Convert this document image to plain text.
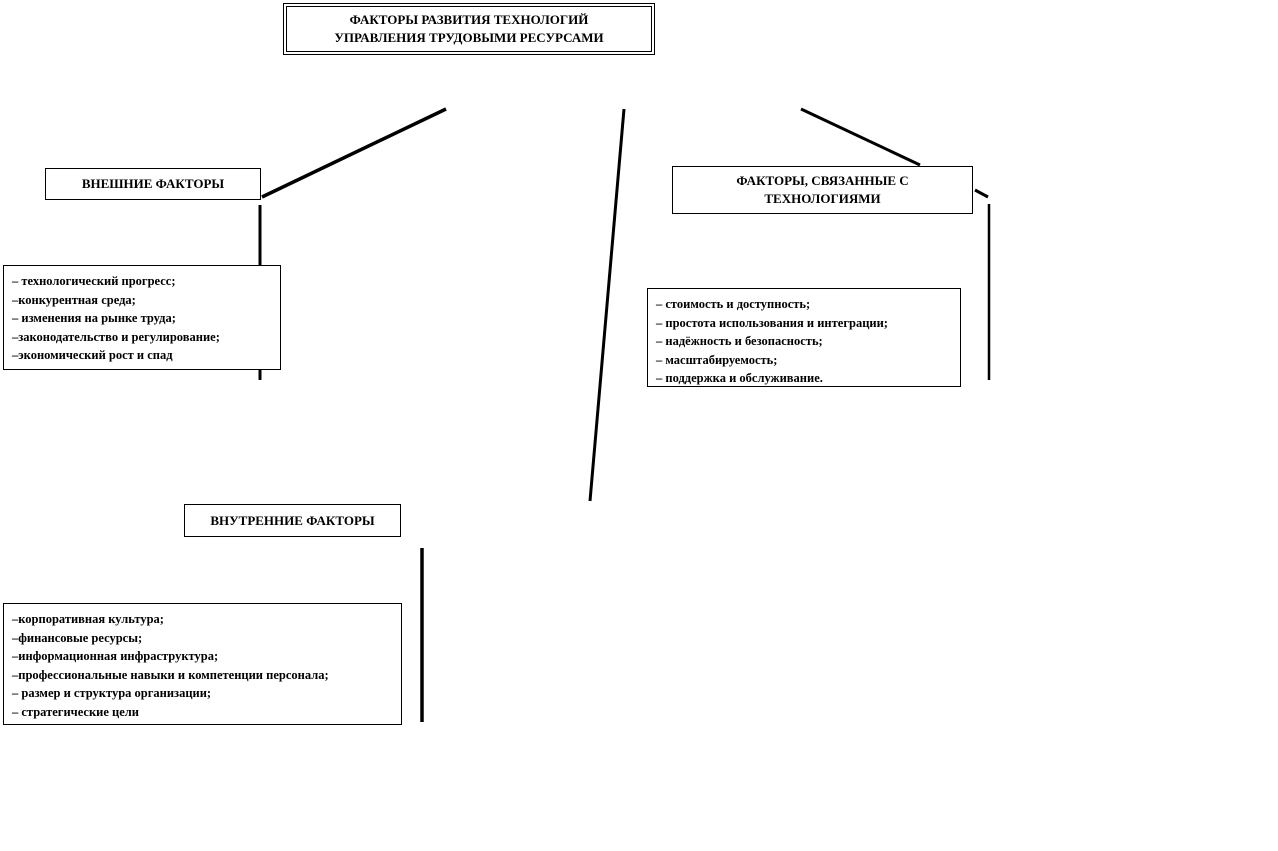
ФАКТОРЫ РАЗВИТИЯ ТЕХНОЛОГИЙ
УПРАВЛЕНИЯ ТРУДОВЫМИ РЕСУРСАМИ
ВНЕШНИЕ ФАКТОРЫ
– технологический прогресс;
–конкурентная среда;
– изменения на рынке труда;
–законодательство и регулирование;
–экономический рост и спад
ФАКТОРЫ, СВЯЗАННЫЕ С
ТЕХНОЛОГИЯМИ
– стоимость и доступность;
– простота использования и интеграции;
– надёжность и безопасность;
– масштабируемость;
– поддержка и обслуживание.
ВНУТРЕННИЕ ФАКТОРЫ
–корпоративная культура;
–финансовые ресурсы;
–информационная инфраструктура;
–профессиональные навыки и компетенции персонала;
– размер и структура организации;
– стратегические цели
